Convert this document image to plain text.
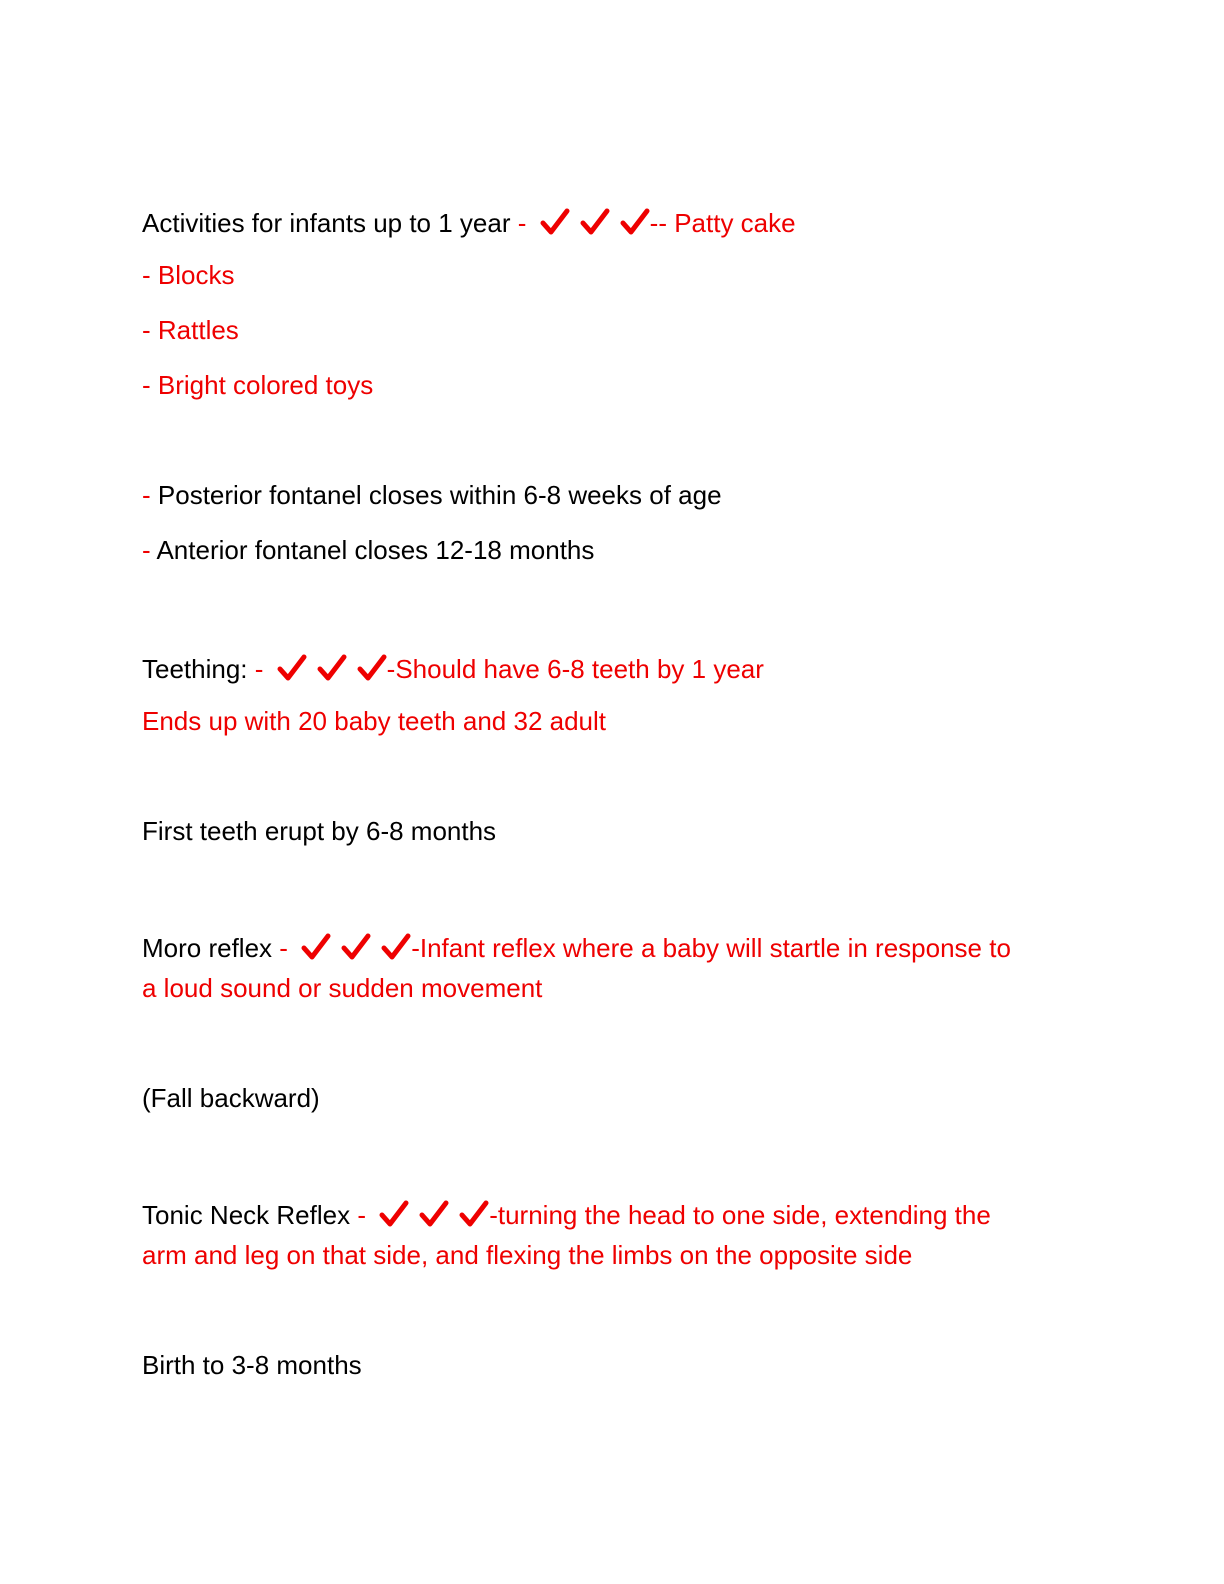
Activities for infants up to 1 year -	-- Patty cake
- Blocks
- Rattles
- Bright colored toys
- Posterior fontanel closes within 6-8 weeks of age
- Anterior fontanel closes 12-18 months
Teething: -	-Should have 6-8 teeth by 1 year
Ends up with 20 baby teeth and 32 adult
First teeth erupt by 6-8 months
Moro reflex -	-Infant reflex where a baby will startle in response to
a loud sound or sudden movement
(Fall backward)
Tonic Neck Reflex -	-turning the head to one side, extending the
arm and leg on that side, and flexing the limbs on the opposite side
Birth to 3-8 months
